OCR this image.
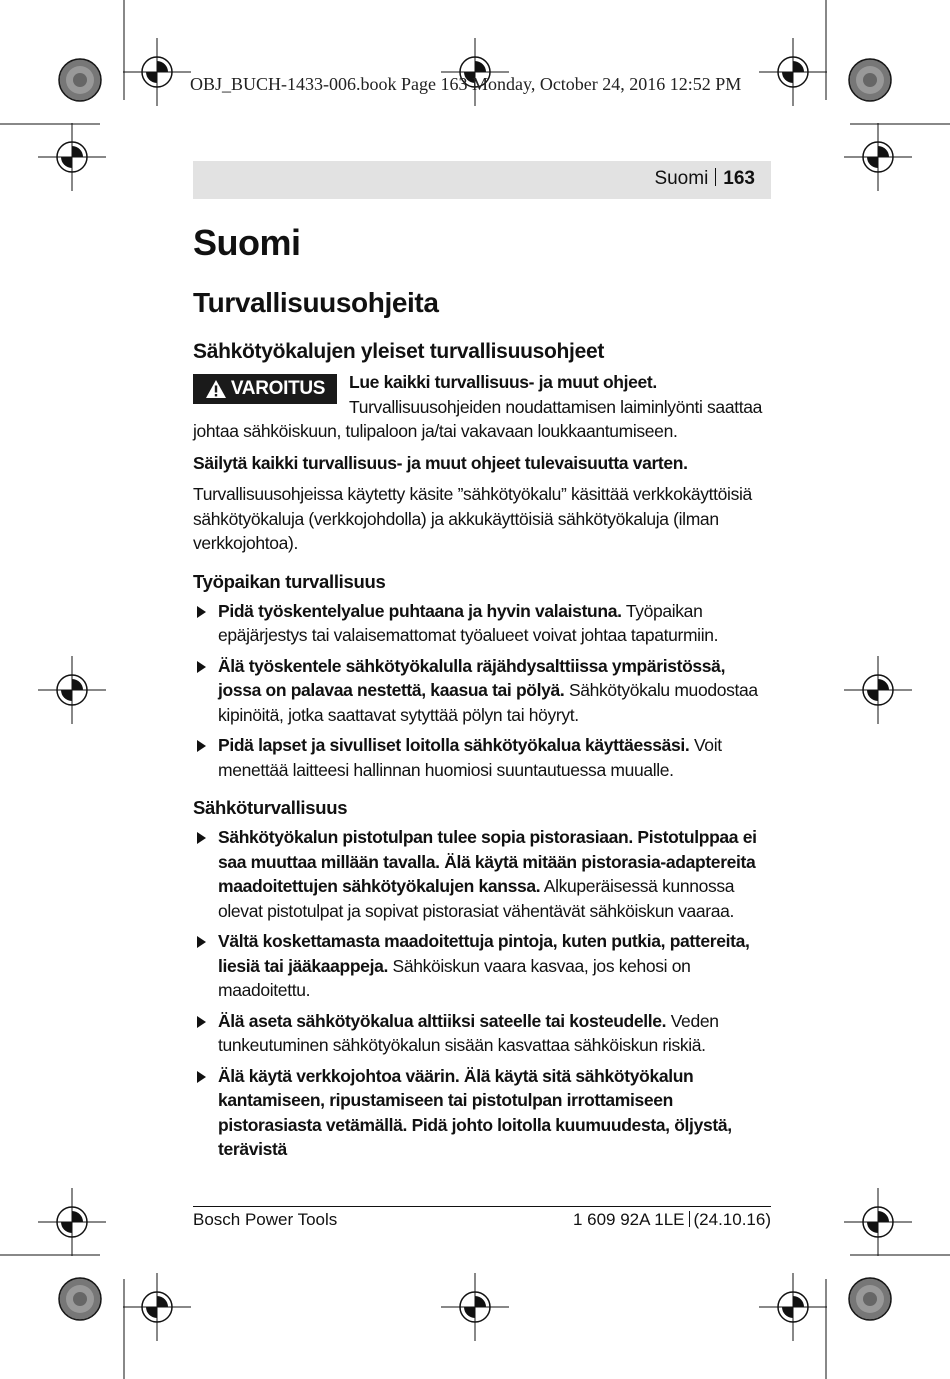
OBJ_BUCH-1433-006.book Page 163 Monday, October 24, 2016 12:52 PM
Suomi 163
Suomi
Turvallisuusohjeita
Sähkötyökalujen yleiset turvallisuusohjeet
VAROITUS	Lue kaikki turvallisuus- ja muut ohjeet. Turvallisuusohjeiden noudattamisen laiminlyönti saattaa johtaa sähköiskuun, tulipaloon ja/tai vakavaan loukkaantumiseen.

Säilytä kaikki turvallisuus- ja muut ohjeet tulevaisuutta varten.

Turvallisuusohjeissa käytetty käsite ”sähkötyökalu” käsittää verkkokäyttöisiä sähkötyökaluja (verkkojohdolla) ja akkukäyttöisiä sähkötyökaluja (ilman verkkojohtoa).

Työpaikan turvallisuus
Pidä työskentelyalue puhtaana ja hyvin valaistuna. Työpaikan epäjärjestys tai valaisemattomat työalueet voivat johtaa tapaturmiin.
Älä työskentele sähkötyökalulla räjähdysalttiissa ympäristössä, jossa on palavaa nestettä, kaasua tai pölyä. Sähkötyökalu muodostaa kipinöitä, jotka saattavat sytyttää pölyn tai höyryt.
Pidä lapset ja sivulliset loitolla sähkötyökalua käyttäessäsi. Voit menettää laitteesi hallinnan huomiosi suuntautuessa muualle.
Sähköturvallisuus
Sähkötyökalun pistotulpan tulee sopia pistorasiaan. Pistotulppaa ei saa muuttaa millään tavalla. Älä käytä mitään pistorasia-adaptereita maadoitettujen sähkötyökalujen kanssa. Alkuperäisessä kunnossa olevat pistotulpat ja sopivat pistorasiat vähentävät sähköiskun vaaraa.
Vältä koskettamasta maadoitettuja pintoja, kuten putkia, pattereita, liesiä tai jääkaappeja. Sähköiskun vaara kasvaa, jos kehosi on maadoitettu.
Älä aseta sähkötyökalua alttiiksi sateelle tai kosteudelle. Veden tunkeutuminen sähkötyökalun sisään kasvattaa sähköiskun riskiä.
Älä käytä verkkojohtoa väärin. Älä käytä sitä sähkötyökalun kantamiseen, ripustamiseen tai pistotulpan irrottamiseen pistorasiasta vetämällä. Pidä johto loitolla kuumuudesta, öljystä, terävistä
Bosch Power Tools	1 609 92A 1LE (24.10.16)
